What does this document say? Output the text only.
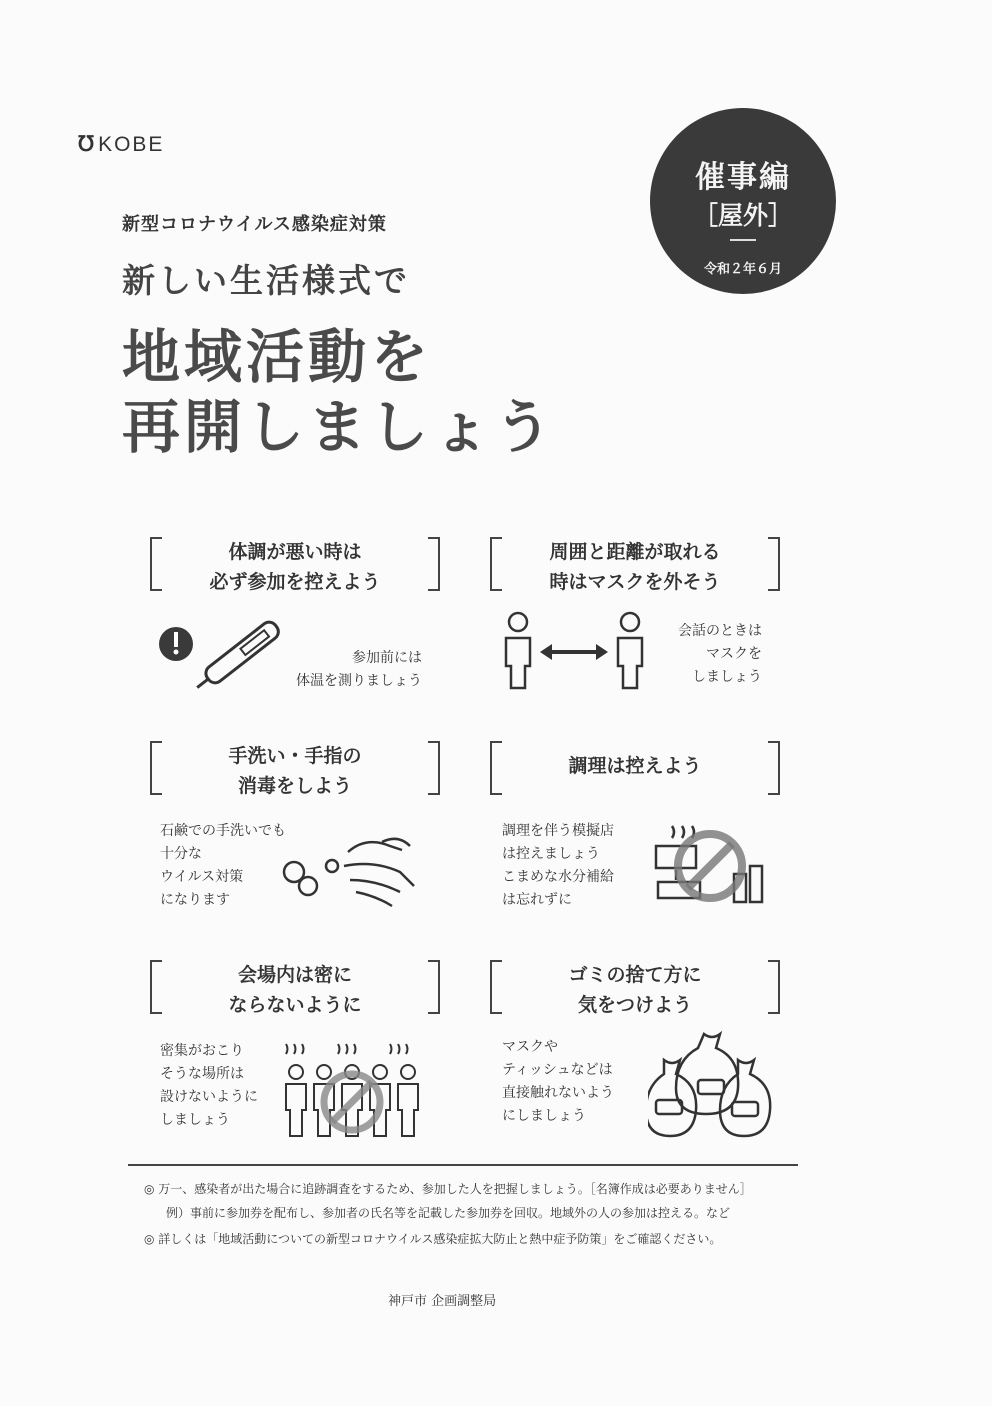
℧KOBE
催事編
［屋外］
令和２年６月
新型コロナウイルス感染症対策
新しい生活様式で
地域活動を
再開しましょう
体調が悪い時は
必ず参加を控えよう
参加前には
体温を測りましょう
周囲と距離が取れる
時はマスクを外そう
会話のときは
マスクを
しましょう
手洗い・手指の
消毒をしよう
石鹸での手洗いでも
十分な
ウイルス対策
になります
調理は控えよう
調理を伴う模擬店
は控えましょう
こまめな水分補給
は忘れずに
会場内は密に
ならないように
密集がおこり
そうな場所は
設けないように
しましょう
ゴミの捨て方に
気をつけよう
マスクや
ティッシュなどは
直接触れないよう
にしましょう
◎ 万一、感染者が出た場合に追跡調査をするため、参加した人を把握しましょう。［名簿作成は必要ありません］
例）事前に参加券を配布し、参加者の氏名等を記載した参加券を回収。地域外の人の参加は控える。など
◎ 詳しくは「地域活動についての新型コロナウイルス感染症拡大防止と熱中症予防策」をご確認ください。
神戸市 企画調整局
